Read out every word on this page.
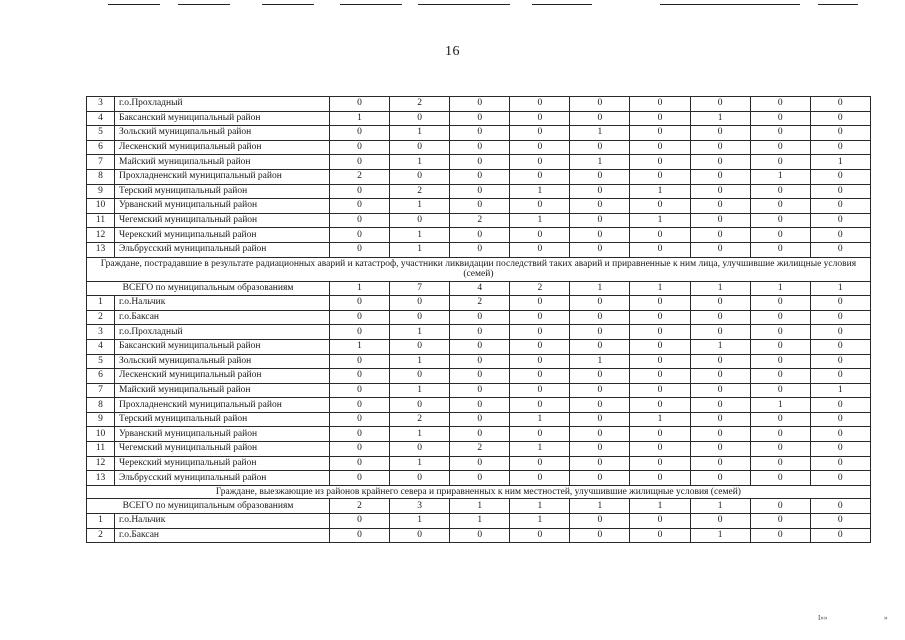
16
3	г.о.Прохладный	0	2	0	0	0	0	0	0	0
4	Баксанский муниципальный район	1	0	0	0	0	0	1	0	0
5	Зольский муниципальный район	0	1	0	0	1	0	0	0	0
6	Лескенский муниципальный район	0	0	0	0	0	0	0	0	0
7	Майский муниципальный район	0	1	0	0	1	0	0	0	1
8	Прохладненский муниципальный район	2	0	0	0	0	0	0	1	0
9	Терский муниципальный район	0	2	0	1	0	1	0	0	0
10	Урванский муниципальный район	0	1	0	0	0	0	0	0	0
11	Чегемский муниципальный район	0	0	2	1	0	1	0	0	0
12	Черекский муниципальный район	0	1	0	0	0	0	0	0	0
13	Эльбрусский муниципальный район	0	1	0	0	0	0	0	0	0
Граждане, пострадавшие в результате радиационных аварий и катастроф, участники ликвидации последствий таких аварий и приравненные к ним лица, улучшившие жилищные условия (семей)										
ВСЕГО по муниципальным образованиям		1	7	4	2	1	1	1	1	1
1	г.о.Нальчик	0	0	2	0	0	0	0	0	0
2	г.о.Баксан	0	0	0	0	0	0	0	0	0
3	г.о.Прохладный	0	1	0	0	0	0	0	0	0
4	Баксанский муниципальный район	1	0	0	0	0	0	1	0	0
5	Зольский муниципальный район	0	1	0	0	1	0	0	0	0
6	Лескенский муниципальный район	0	0	0	0	0	0	0	0	0
7	Майский муниципальный район	0	1	0	0	0	0	0	0	1
8	Прохладненский муниципальный район	0	0	0	0	0	0	0	1	0
9	Терский муниципальный район	0	2	0	1	0	1	0	0	0
10	Урванский муниципальный район	0	1	0	0	0	0	0	0	0
11	Чегемский муниципальный район	0	0	2	1	0	0	0	0	0
12	Черекский муниципальный район	0	1	0	0	0	0	0	0	0
13	Эльбрусский муниципальный район	0	0	0	0	0	0	0	0	0
Граждане, выезжающие из районов крайнего севера и приравненных к ним местностей, улучшившие жилищные условия (семей)										
ВСЕГО по муниципальным образованиям		2	3	1	1	1	1	1	0	0
1	г.о.Нальчик	0	1	1	1	0	0	0	0	0
2	г.о.Баксан	0	0	0	0	0	0	1	0	0
I»»	»
